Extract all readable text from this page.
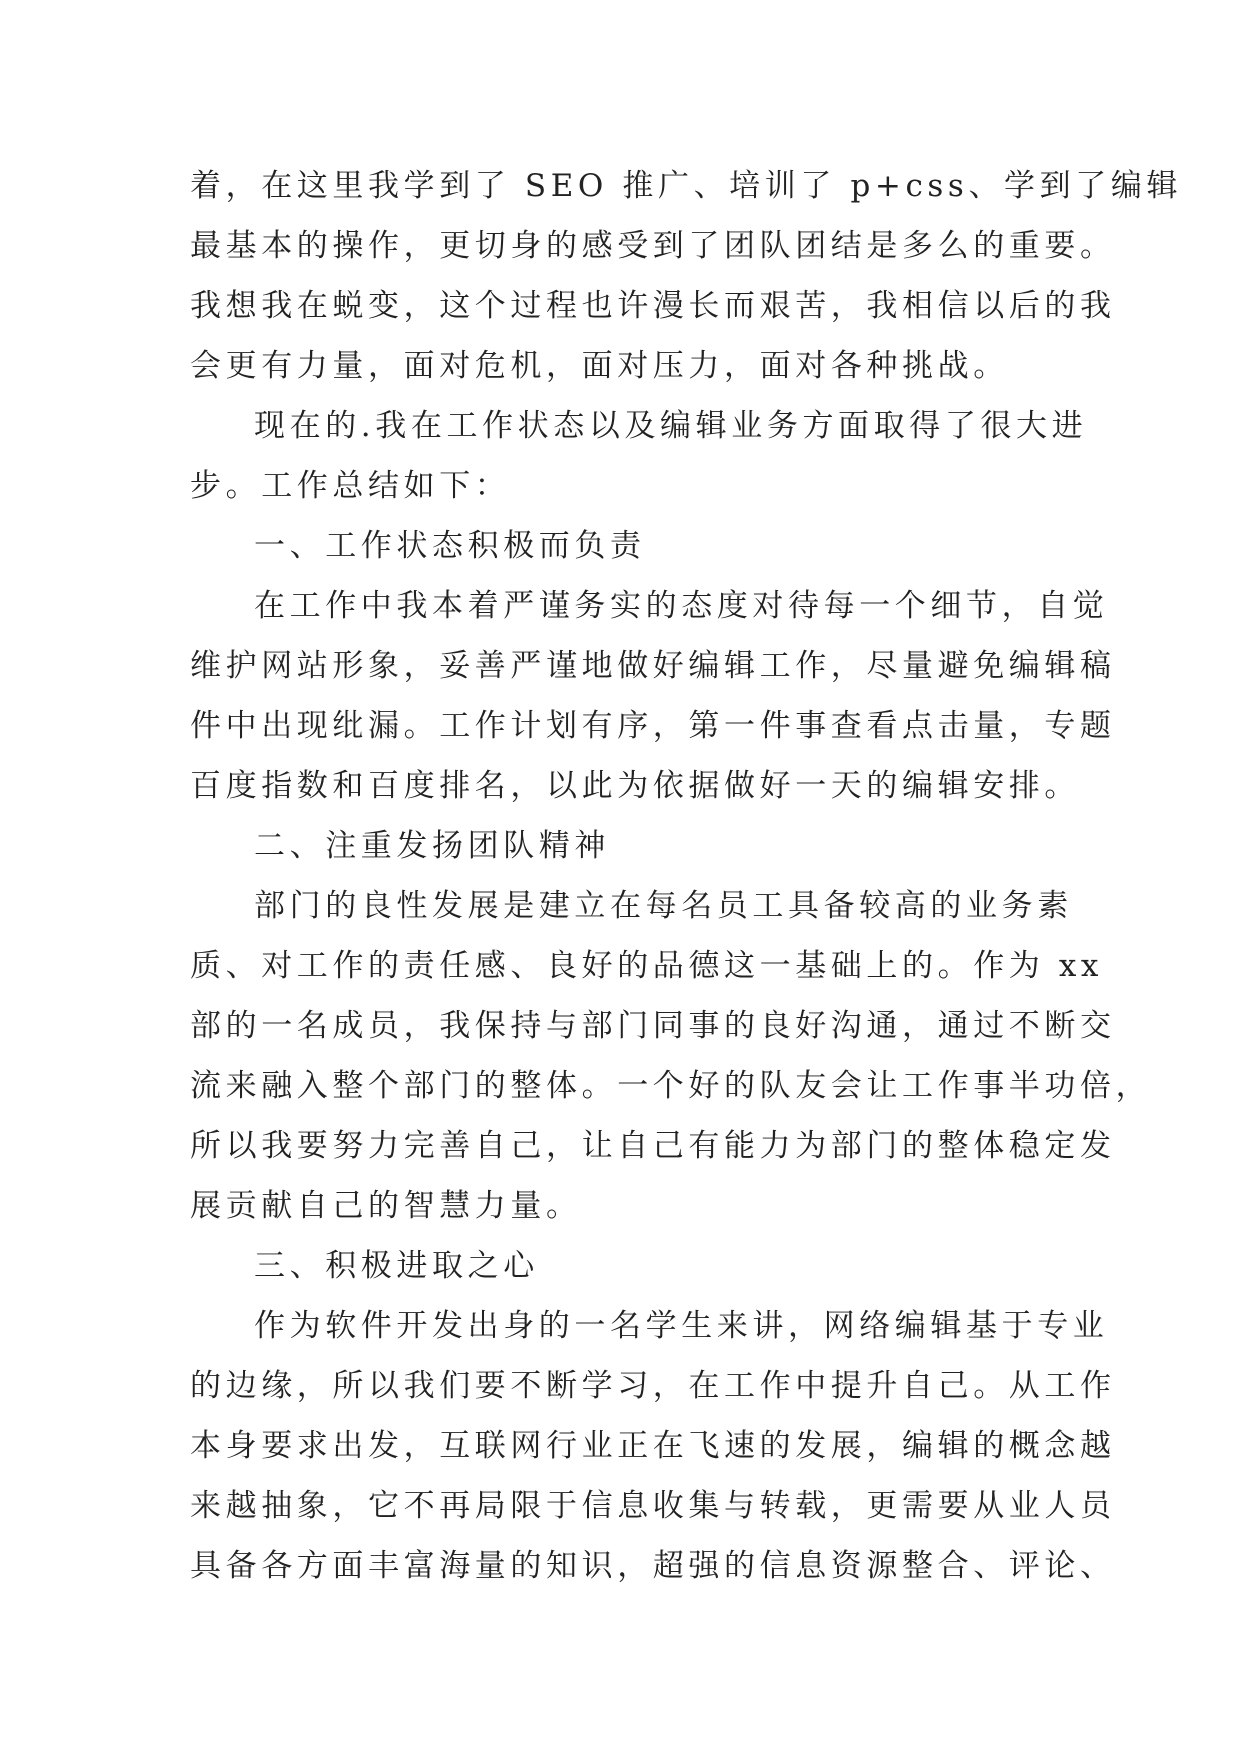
着，在这里我学到了 SEO 推广、培训了 p+css、学到了编辑
最基本的操作，更切身的感受到了团队团结是多么的重要。
我想我在蜕变，这个过程也许漫长而艰苦，我相信以后的我
会更有力量，面对危机，面对压力，面对各种挑战。
现在的.我在工作状态以及编辑业务方面取得了很大进
步。工作总结如下：
一、工作状态积极而负责
在工作中我本着严谨务实的态度对待每一个细节，自觉
维护网站形象，妥善严谨地做好编辑工作，尽量避免编辑稿
件中出现纰漏。工作计划有序，第一件事查看点击量，专题
百度指数和百度排名，以此为依据做好一天的编辑安排。
二、注重发扬团队精神
部门的良性发展是建立在每名员工具备较高的业务素
质、对工作的责任感、良好的品德这一基础上的。作为 xx
部的一名成员，我保持与部门同事的良好沟通，通过不断交
流来融入整个部门的整体。一个好的队友会让工作事半功倍，
所以我要努力完善自己，让自己有能力为部门的整体稳定发
展贡献自己的智慧力量。
三、积极进取之心
作为软件开发出身的一名学生来讲，网络编辑基于专业
的边缘，所以我们要不断学习，在工作中提升自己。从工作
本身要求出发，互联网行业正在飞速的发展，编辑的概念越
来越抽象，它不再局限于信息收集与转载，更需要从业人员
具备各方面丰富海量的知识，超强的信息资源整合、评论、
